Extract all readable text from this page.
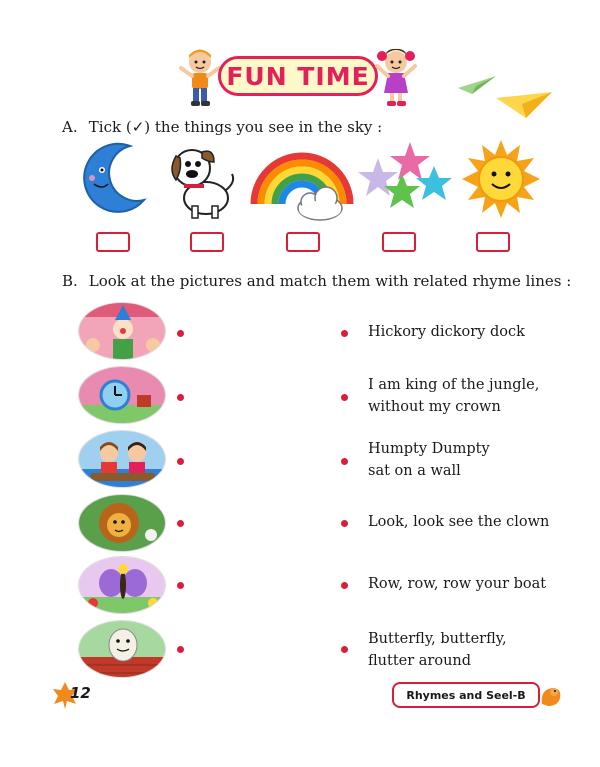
FUN TIME
A. Tick (✓) the things you see in the sky :
B. Look at the pictures and match them with related rhyme lines :
Hickory dickory dock
I am king of the jungle,
without my crown
Humpty Dumpty
sat on a wall
Look, look see the clown
Row, row, row your boat
Butterfly, butterfly,
flutter around
12	Rhymes and Seel-B
